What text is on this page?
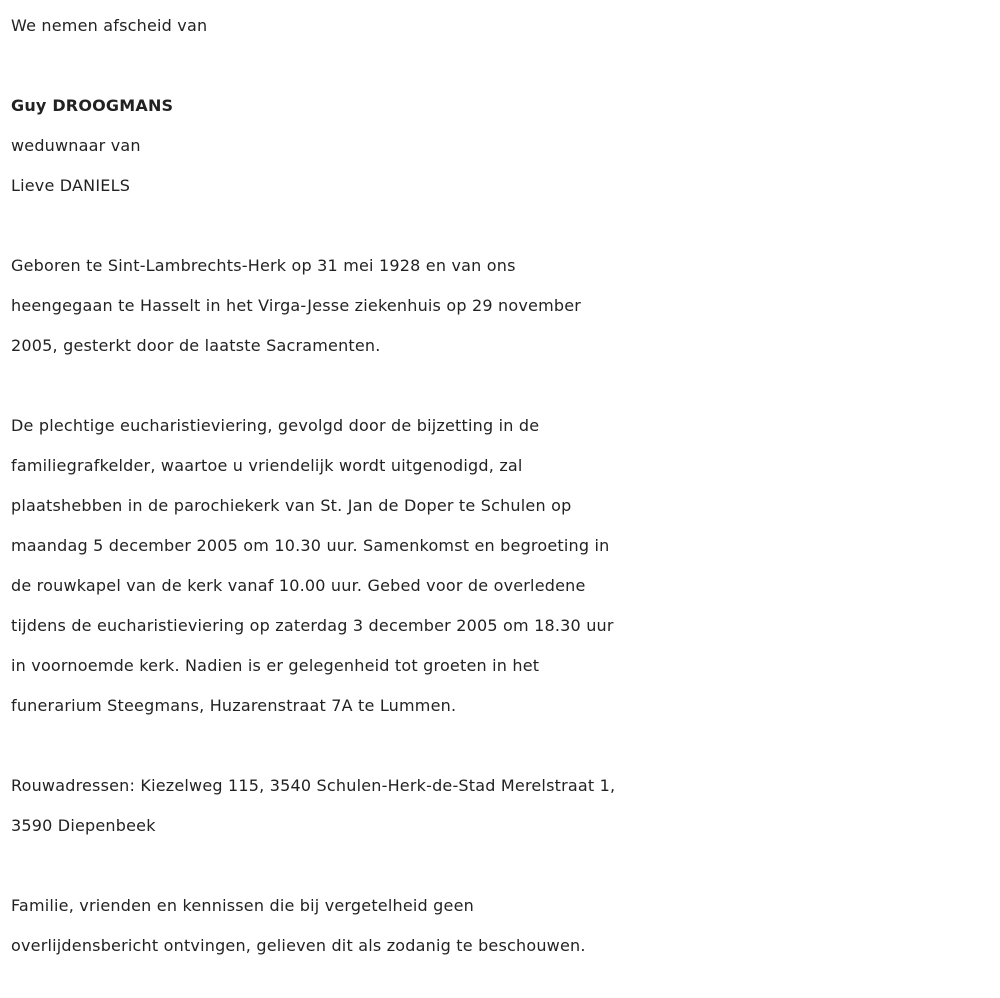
We nemen afscheid van

Guy DROOGMANS

weduwnaar van

Lieve DANIELS

Geboren te Sint-Lambrechts-Herk op 31 mei 1928 en van ons

heengegaan te Hasselt in het Virga-Jesse ziekenhuis op 29 november

2005, gesterkt door de laatste Sacramenten.

De plechtige eucharistieviering, gevolgd door de bijzetting in de

familiegrafkelder, waartoe u vriendelijk wordt uitgenodigd, zal

plaatshebben in de parochiekerk van St. Jan de Doper te Schulen op

maandag 5 december 2005 om 10.30 uur. Samenkomst en begroeting in

de rouwkapel van de kerk vanaf 10.00 uur. Gebed voor de overledene

tijdens de eucharistieviering op zaterdag 3 december 2005 om 18.30 uur

in voornoemde kerk. Nadien is er gelegenheid tot groeten in het

funerarium Steegmans, Huzarenstraat 7A te Lummen.

Rouwadressen: Kiezelweg 115, 3540 Schulen-Herk-de-Stad Merelstraat 1,

3590 Diepenbeek

Familie, vrienden en kennissen die bij vergetelheid geen

overlijdensbericht ontvingen, gelieven dit als zodanig te beschouwen.
